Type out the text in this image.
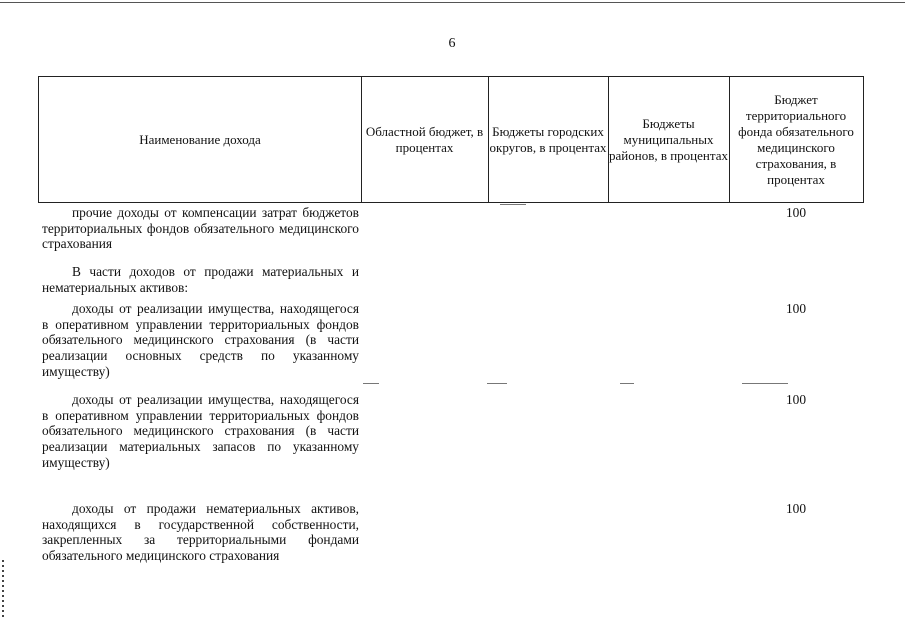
6
Наименование дохода
Областной бюджет, в процентах
Бюджеты городских округов, в процентах
Бюджеты муниципальных районов, в процентах
Бюджет территориального фонда обязательного медицинского страхования, в процентах
прочие доходы от компенсации затрат бюджетов территориальных фондов обязательного медицинского страхования
100
В части доходов от продажи материальных и нематериальных активов:
доходы от реализации имущества, находящегося в оперативном управлении территориальных фондов обязательного медицинского страхования (в части реализации основных средств по указанному имуществу)
100
доходы от реализации имущества, находящегося в оперативном управлении территориальных фондов обязательного медицинского страхования (в части реализации материальных запасов по указанному имуществу)
100
доходы от продажи нематериальных активов, находящихся в государственной собственности, закрепленных за территориальными фондами обязательного медицинского страхования
100
